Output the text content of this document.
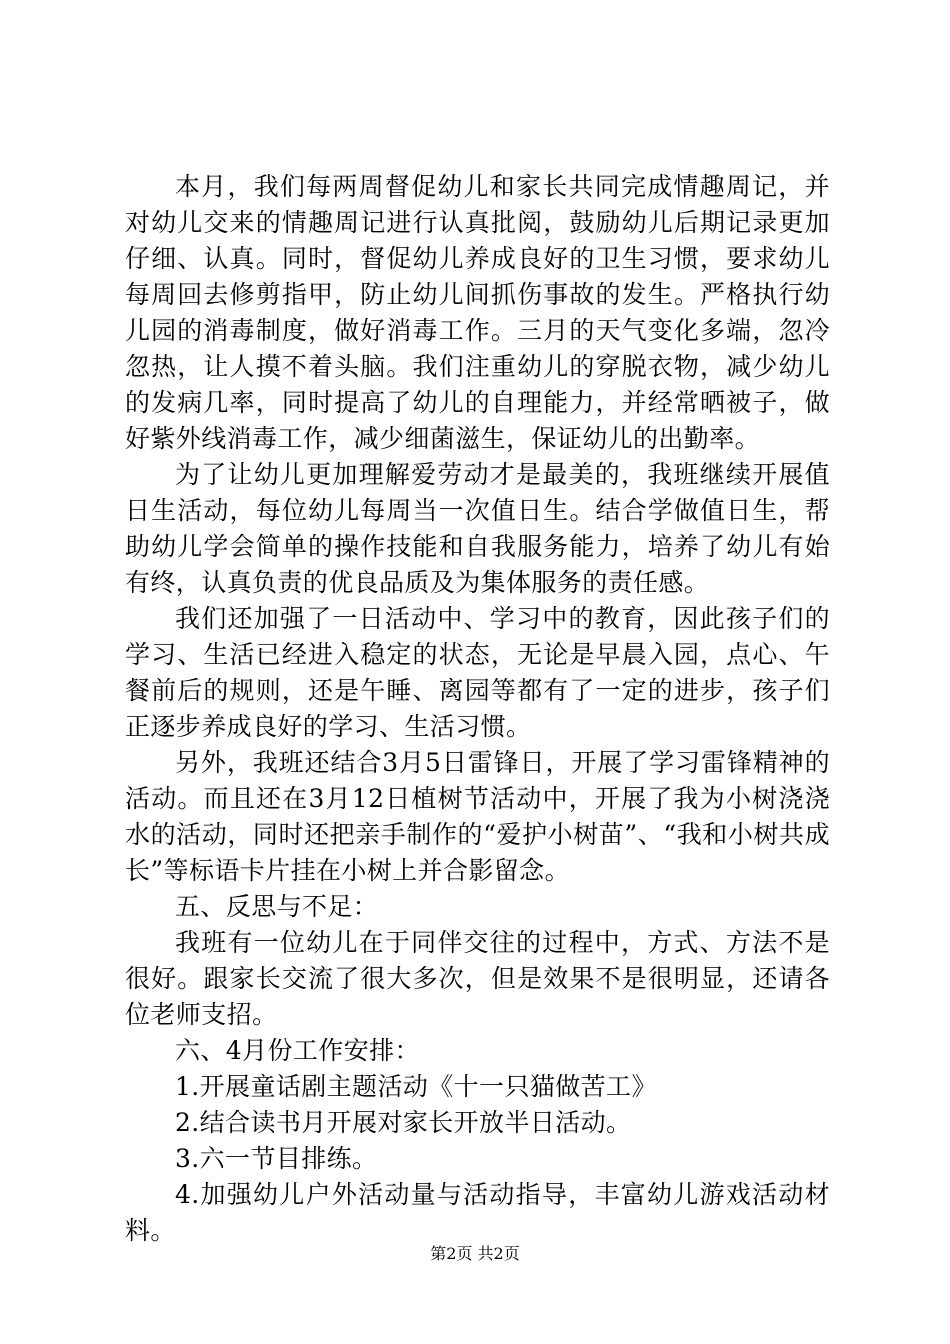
本月，我们每两周督促幼儿和家长共同完成情趣周记，并对幼儿交来的情趣周记进行认真批阅，鼓励幼儿后期记录更加仔细、认真。同时，督促幼儿养成良好的卫生习惯，要求幼儿每周回去修剪指甲，防止幼儿间抓伤事故的发生。严格执行幼儿园的消毒制度，做好消毒工作。三月的天气变化多端，忽冷忽热，让人摸不着头脑。我们注重幼儿的穿脱衣物，减少幼儿的发病几率，同时提高了幼儿的自理能力，并经常晒被子，做好紫外线消毒工作，减少细菌滋生，保证幼儿的出勤率。

为了让幼儿更加理解爱劳动才是最美的，我班继续开展值日生活动，每位幼儿每周当一次值日生。结合学做值日生，帮助幼儿学会简单的操作技能和自我服务能力，培养了幼儿有始有终，认真负责的优良品质及为集体服务的责任感。

我们还加强了一日活动中、学习中的教育，因此孩子们的学习、生活已经进入稳定的状态，无论是早晨入园，点心、午餐前后的规则，还是午睡、离园等都有了一定的进步，孩子们正逐步养成良好的学习、生活习惯。

另外，我班还结合3月5日雷锋日，开展了学习雷锋精神的活动。而且还在3月12日植树节活动中，开展了我为小树浇浇水的活动，同时还把亲手制作的“爱护小树苗”、“我和小树共成长”等标语卡片挂在小树上并合影留念。

五、反思与不足：

我班有一位幼儿在于同伴交往的过程中，方式、方法不是很好。跟家长交流了很大多次，但是效果不是很明显，还请各位老师支招。

六、4月份工作安排：

1.开展童话剧主题活动《十一只猫做苦工》

2.结合读书月开展对家长开放半日活动。

3.六一节目排练。

4.加强幼儿户外活动量与活动指导，丰富幼儿游戏活动材料。

第2页 共2页
